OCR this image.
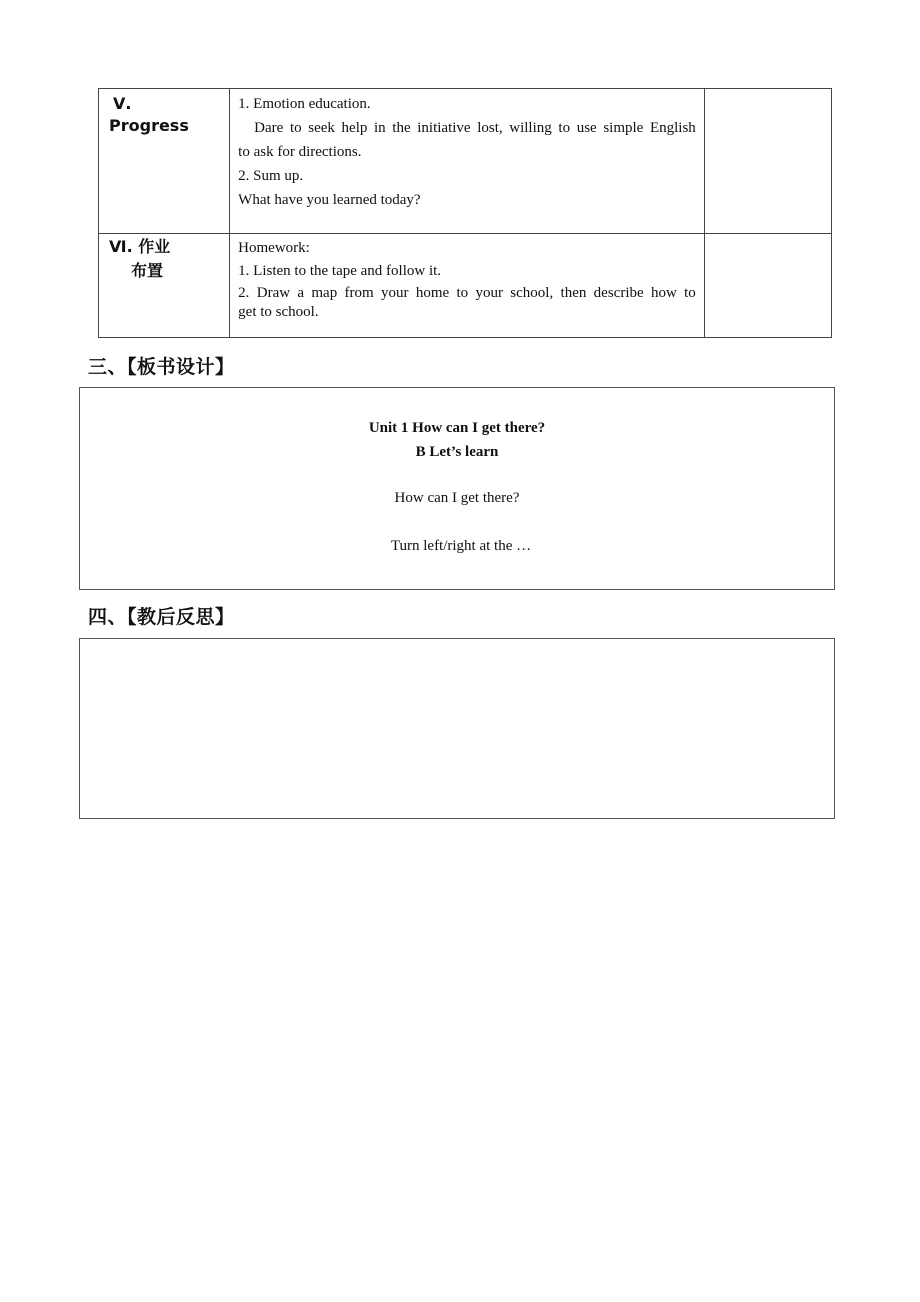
Ⅴ.
Progress	1. Emotion education.
Dare to seek help in the initiative lost, willing to use simple English
to ask for directions.
2. Sum up.
What have you learned today?	

Ⅵ. 作业
布置	Homework:
1. Listen to the tape and follow it.
2. Draw a map from your home to your school, then describe how to
get to school.	

三、【板书设计】
Unit 1 How can I get there?
B Let’s learn
How can I get there?
Turn left/right at the …
四、【教后反思】
